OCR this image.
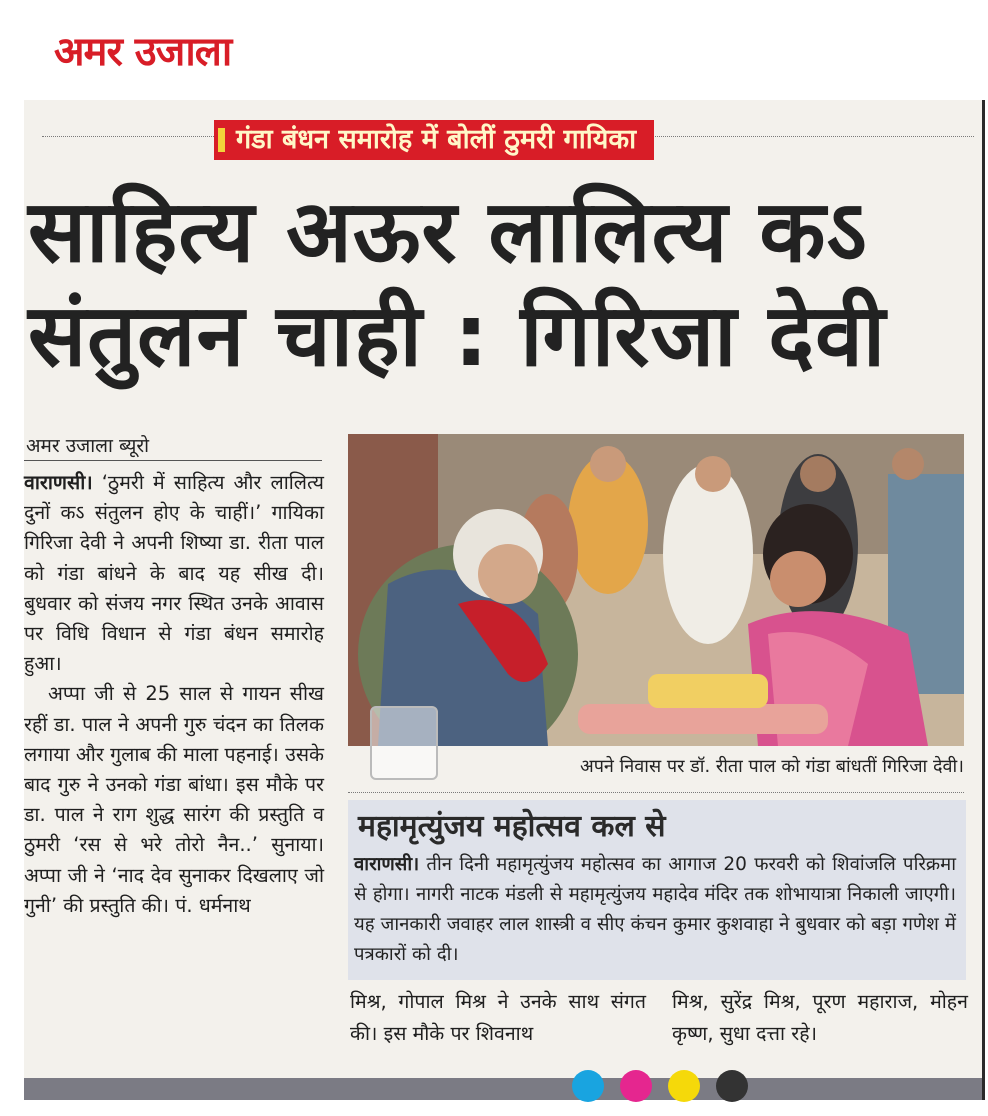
अमर उजाला
गंडा बंधन समारोह में बोलीं ठुमरी गायिका
साहित्य अऊर लालित्य कऽ
संतुलन चाही : गिरिजा देवी
अमर उजाला ब्यूरो

वाराणसी। ‘ठुमरी में साहित्य और लालित्य दुनों कऽ संतुलन होए के चाहीं।’ गायिका गिरिजा देवी ने अपनी शिष्या डा. रीता पाल को गंडा बांधने के बाद यह सीख दी। बुधवार को संजय नगर स्थित उनके आवास पर विधि विधान से गंडा बंधन समारोह हुआ।

अप्पा जी से 25 साल से गायन सीख रहीं डा. पाल ने अपनी गुरु चंदन का तिलक लगाया और गुलाब की माला पहनाई। उसके बाद गुरु ने उनको गंडा बांधा। इस मौके पर डा. पाल ने राग शुद्ध सारंग की प्रस्तुति व ठुमरी ‘रस से भरे तोरो नैन..’ सुनाया। अप्पा जी ने ‘नाद देव सुनाकर दिखलाए जो गुनी’ की प्रस्तुति की। पं. धर्मनाथ

अपने निवास पर डॉ. रीता पाल को गंडा बांधतीं गिरिजा देवी।
महामृत्युंजय महोत्सव कल से
वाराणसी। तीन दिनी महामृत्युंजय महोत्सव का आगाज 20 फरवरी को शिवांजलि परिक्रमा से होगा। नागरी नाटक मंडली से महामृत्युंजय महादेव मंदिर तक शोभायात्रा निकाली जाएगी। यह जानकारी जवाहर लाल शास्त्री व सीए कंचन कुमार कुशवाहा ने बुधवार को बड़ा गणेश में पत्रकारों को दी।
मिश्र, गोपाल मिश्र ने उनके साथ संगत की। इस मौके पर शिवनाथ
मिश्र, सुरेंद्र मिश्र, पूरण महाराज, मोहन कृष्ण, सुधा दत्ता रहे।
